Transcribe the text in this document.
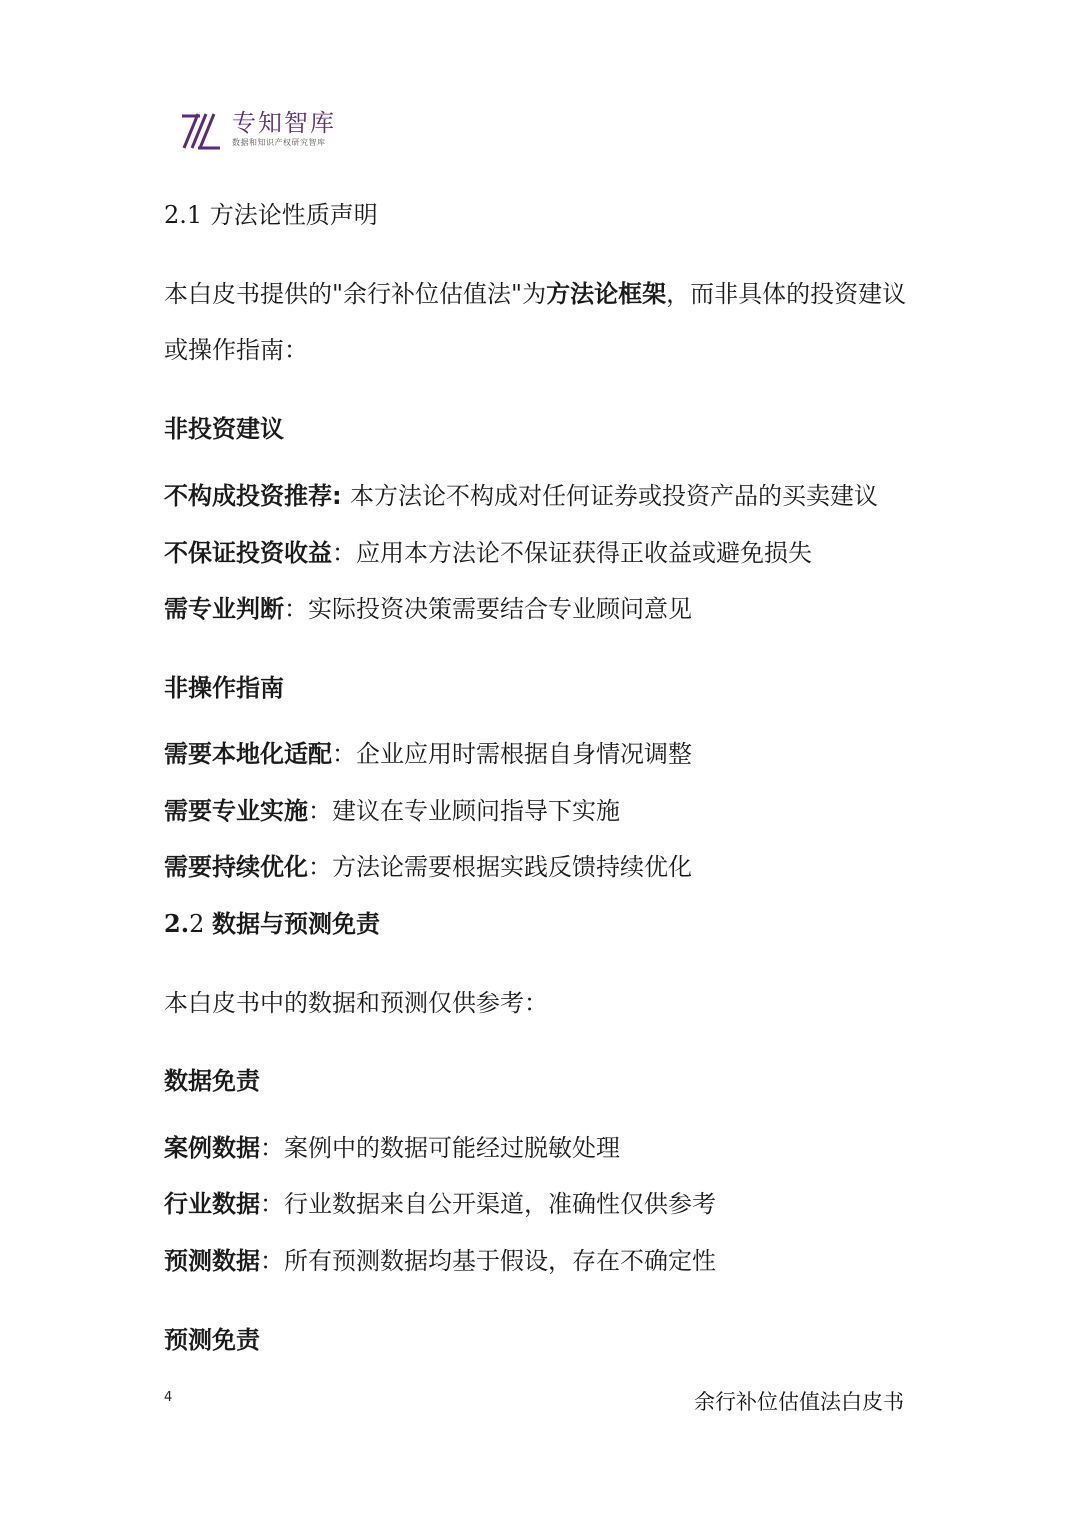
专知智库
数据和知识产权研究智库
2.1 方法论性质声明

本白皮书提供的"余行补位估值法"为方法论框架，而非具体的投资建议或操作指南：

非投资建议
不构成投资推荐: 本方法论不构成对任何证券或投资产品的买卖建议
不保证投资收益：应用本方法论不保证获得正收益或避免损失
需专业判断：实际投资决策需要结合专业顾问意见
非操作指南
需要本地化适配：企业应用时需根据自身情况调整
需要专业实施：建议在专业顾问指导下实施
需要持续优化：方法论需要根据实践反馈持续优化
2.2 数据与预测免责
本白皮书中的数据和预测仅供参考：
数据免责
案例数据：案例中的数据可能经过脱敏处理
行业数据：行业数据来自公开渠道，准确性仅供参考
预测数据：所有预测数据均基于假设，存在不确定性
预测免责
4	余行补位估值法白皮书
